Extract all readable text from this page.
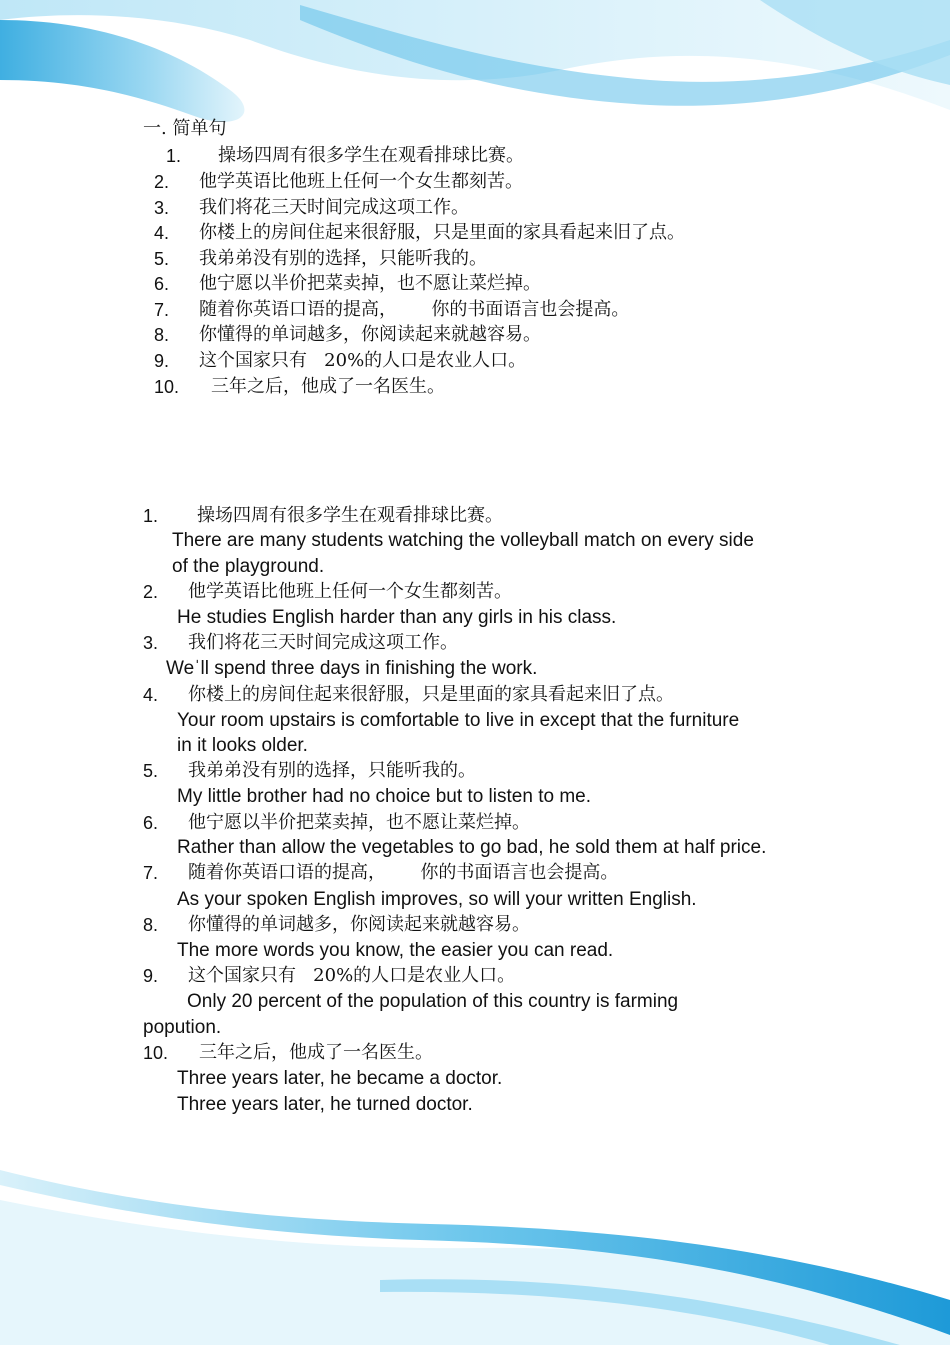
一. 简单句
1. 操场四周有很多学生在观看排球比赛。
2. 他学英语比他班上任何一个女生都刻苦。
3. 我们将花三天时间完成这项工作。
4. 你楼上的房间住起来很舒服，只是里面的家具看起来旧了点。
5. 我弟弟没有别的选择，只能听我的。
6. 他宁愿以半价把菜卖掉，也不愿让菜烂掉。
7. 随着你英语口语的提高，      你的书面语言也会提高。
8. 你懂得的单词越多，你阅读起来就越容易。
9. 这个国家只有   20%的人口是农业人口。
10. 三年之后，他成了一名医生。
1. 操场四周有很多学生在观看排球比赛。
There are many students watching the volleyball match on every side
of the playground.
2. 他学英语比他班上任何一个女生都刻苦。
He studies English harder than any girls in his class.
3. 我们将花三天时间完成这项工作。
Weˈll spend three days in finishing the work.
4. 你楼上的房间住起来很舒服，只是里面的家具看起来旧了点。
Your room upstairs is comfortable to live in except that the furniture
in it looks older.
5. 我弟弟没有别的选择，只能听我的。
My little brother had no choice but to listen to me.
6. 他宁愿以半价把菜卖掉，也不愿让菜烂掉。
Rather than allow the vegetables to go bad, he sold them at half price.
7. 随着你英语口语的提高，      你的书面语言也会提高。
As your spoken English improves, so will your written English.
8. 你懂得的单词越多，你阅读起来就越容易。
The more words you know, the easier you can read.
9. 这个国家只有   20%的人口是农业人口。
Only 20 percent of the population of this country is farming
popution.
10. 三年之后，他成了一名医生。
Three years later, he became a doctor.
Three years later, he turned doctor.
